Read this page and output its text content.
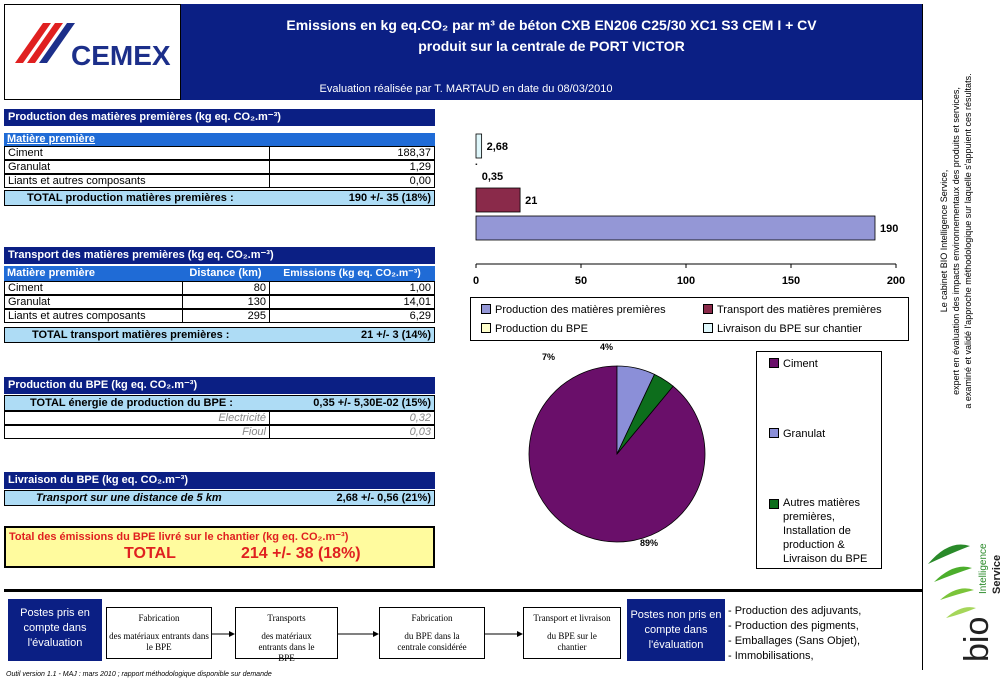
CEMEX
Emissions en kg eq.CO₂ par m³ de béton CXB EN206 C25/30 XC1 S3 CEM I + CV
produit sur la centrale de PORT VICTOR
Evaluation réalisée par T. MARTAUD en date du 08/03/2010
Le cabinet BIO Intelligence Service, expert en évaluation des impacts environnementaux des produits et services, a examiné et validé l'approche méthodologique sur laquelle s'appuient ces résultats.
Intelligence Service
bio
Production des matières premières (kg eq. CO₂.m⁻³)
Matière première
Ciment	188,37
Granulat	1,29
Liants et autres composants	0,00
TOTAL production matières premières :	190 +/- 35 (18%)
Transport des matières premières (kg eq. CO₂.m⁻³)
Matière première	Distance (km)	Emissions (kg eq. CO₂.m⁻³)
Ciment	80	1,00
Granulat	130	14,01
Liants et autres composants	295	6,29
TOTAL transport matières premières :	21 +/- 3 (14%)
Production du BPE (kg eq. CO₂.m⁻³)
TOTAL énergie de production du BPE :	0,35 +/- 5,30E-02 (15%)
Electricité	0,32
Fioul	0,03
Livraison du BPE (kg eq. CO₂.m⁻³)
Transport sur une distance de 5 km	2,68 +/- 0,56 (21%)
Total des émissions du BPE livré sur le chantier (kg eq. CO₂.m⁻³)
TOTAL	214 +/- 38 (18%)
2,68
0,35
21
190
0	50	100	150	200
Production des matières premières	Transport des matières premières
Production du BPE	Livraison du BPE sur chantier
89%
7%
4%
Ciment
Granulat
Autres matières premières, Installation de production & Livraison du BPE
Postes pris en compte dans l'évaluation
Fabrication
des matériaux entrants dans le BPE
Transports
des matériaux entrants dans le BPE
Fabrication
du BPE dans la centrale considérée
Transport et livraison
du BPE sur le chantier
Postes non pris en compte dans l'évaluation
- Production des adjuvants,
- Production des pigments,
- Emballages (Sans Objet),
- Immobilisations,
Outil version 1.1 - MAJ : mars 2010 ; rapport méthodologique disponible sur demande
